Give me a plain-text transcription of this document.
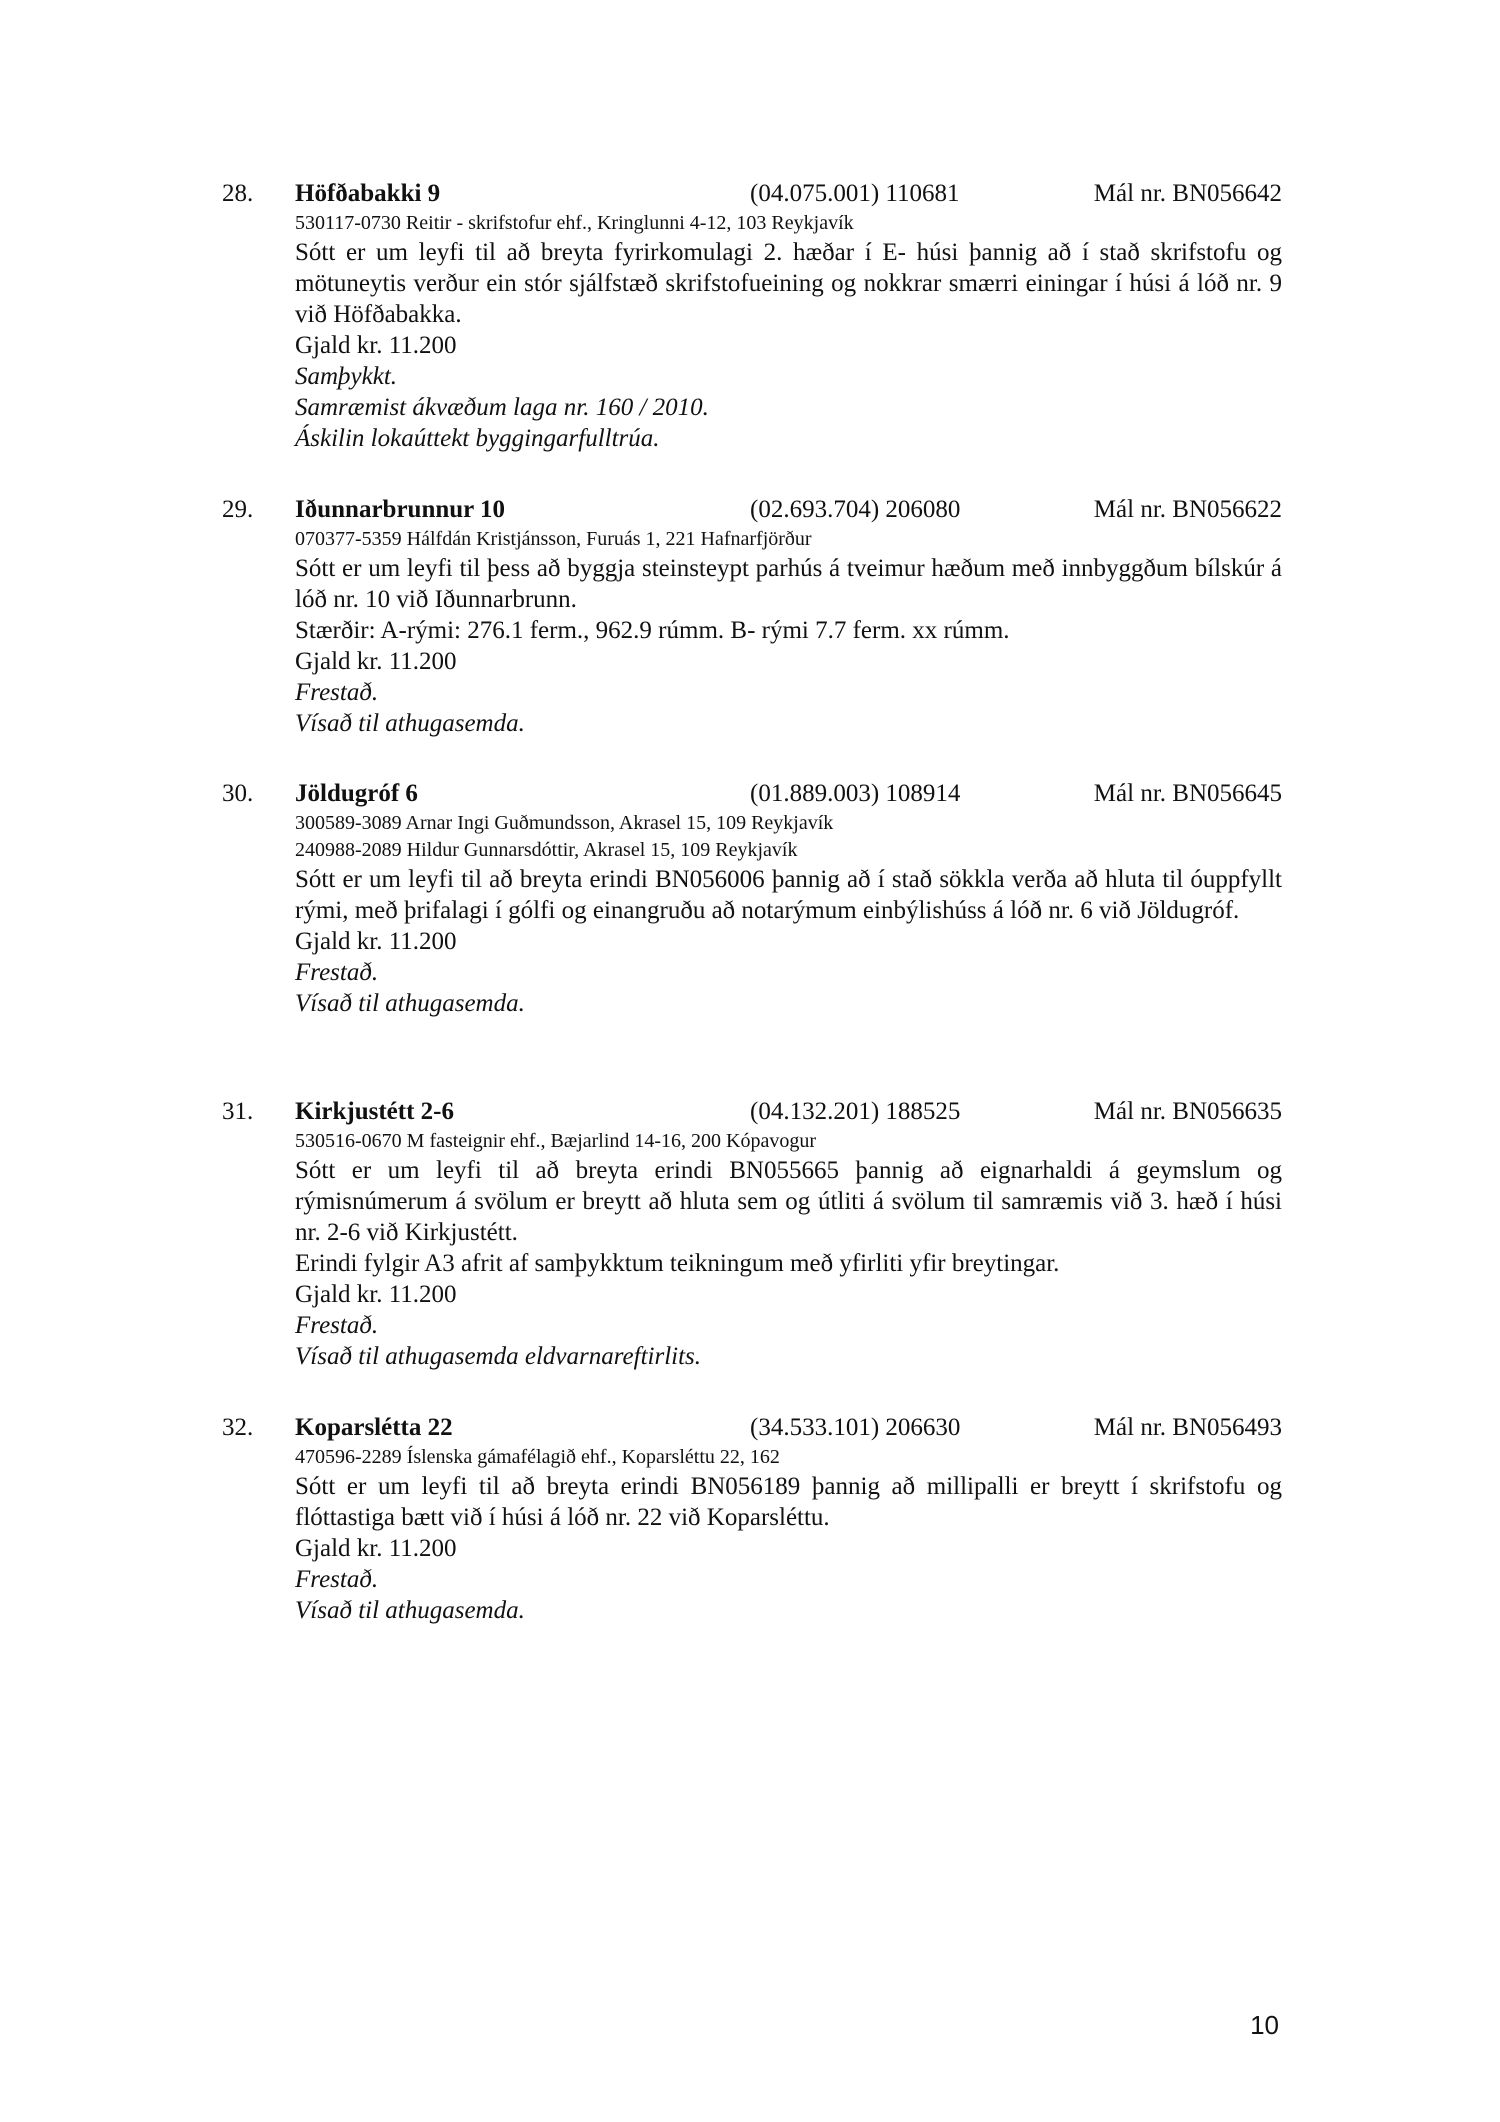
28. Höfðabakki 9	(04.075.001) 110681	Mál nr. BN056642
530117-0730 Reitir - skrifstofur ehf., Kringlunni 4-12, 103 Reykjavík
Sótt er um leyfi til að breyta fyrirkomulagi 2. hæðar í E- húsi þannig að í stað skrifstofu og mötuneytis verður ein stór sjálfstæð skrifstofueining og nokkrar smærri einingar í húsi á lóð nr. 9 við Höfðabakka.
Gjald kr. 11.200
Samþykkt.
Samræmist ákvæðum laga nr. 160 / 2010.
Áskilin lokaúttekt byggingarfulltrúa.
29. Iðunnarbrunnur 10	(02.693.704) 206080	Mál nr. BN056622
070377-5359 Hálfdán Kristjánsson, Furuás 1, 221 Hafnarfjörður
Sótt er um leyfi til þess að byggja steinsteypt parhús á tveimur hæðum með innbyggðum bílskúr á lóð nr. 10 við Iðunnarbrunn.
Stærðir: A-rými: 276.1 ferm., 962.9 rúmm. B- rými 7.7 ferm. xx rúmm.
Gjald kr. 11.200
Frestað.
Vísað til athugasemda.
30. Jöldugróf 6	(01.889.003) 108914	Mál nr. BN056645
300589-3089 Arnar Ingi Guðmundsson, Akrasel 15, 109 Reykjavík
240988-2089 Hildur Gunnarsdóttir, Akrasel 15, 109 Reykjavík
Sótt er um leyfi til að breyta erindi BN056006 þannig að í stað sökkla verða að hluta til óuppfyllt rými, með þrifalagi í gólfi og einangruðu að notarýmum einbýlishúss á lóð nr. 6 við Jöldugróf.
Gjald kr. 11.200
Frestað.
Vísað til athugasemda.
31. Kirkjustétt 2-6	(04.132.201) 188525	Mál nr. BN056635
530516-0670 M fasteignir ehf., Bæjarlind 14-16, 200 Kópavogur
Sótt er um leyfi til að breyta erindi BN055665 þannig að eignarhaldi á geymslum og rýmisnúmerum á svölum er breytt að hluta sem og útliti á svölum til samræmis við 3. hæð í húsi nr. 2-6 við Kirkjustétt.
Erindi fylgir A3 afrit af samþykktum teikningum með yfirliti yfir breytingar.
Gjald kr. 11.200
Frestað.
Vísað til athugasemda eldvarnareftirlits.
32. Koparslétta 22	(34.533.101) 206630	Mál nr. BN056493
470596-2289 Íslenska gámafélagið ehf., Koparsléttu 22, 162
Sótt er um leyfi til að breyta erindi BN056189 þannig að millipalli er breytt í skrifstofu og flóttastiga bætt við í húsi á lóð nr. 22 við Koparsléttu.
Gjald kr. 11.200
Frestað.
Vísað til athugasemda.
10
